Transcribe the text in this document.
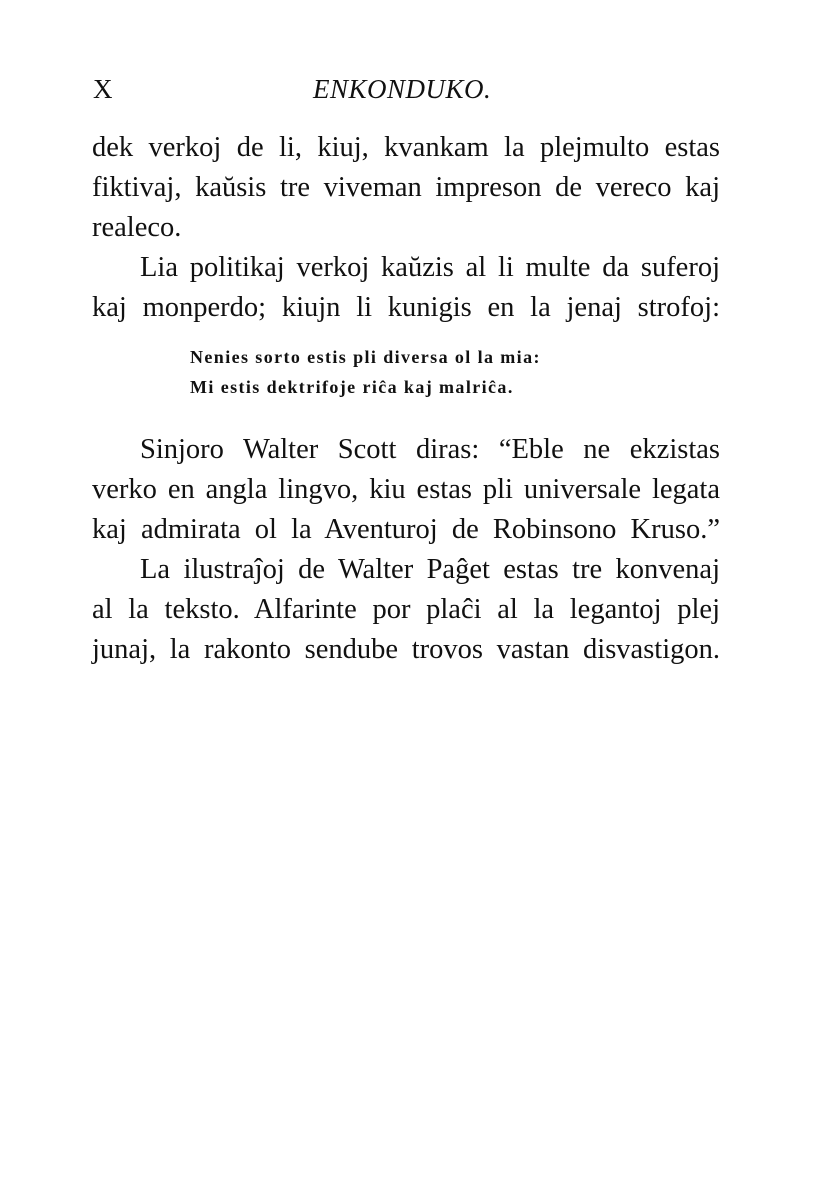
X	ENKONDUKO.
dek verkoj de li, kiuj, kvankam la plejmulto estas
fiktivaj, kaŭsis tre viveman impreson de vereco kaj
realeco.
Lia politikaj verkoj kaŭzis al li multe da suferoj
kaj monperdo; kiujn li kunigis en la jenaj strofoj:
Nenies sorto estis pli diversa ol la mia:
Mi estis dektrifoje riĉa kaj malriĉa.
Sinjoro Walter Scott diras: “Eble ne ekzistas
verko en angla lingvo, kiu estas pli universale legata
kaj admirata ol la Aventuroj de Robinsono Kruso.”
La ilustraĵoj de Walter Paĝet estas tre konvenaj
al la teksto. Alfarinte por plaĉi al la legantoj plej
junaj, la rakonto sendube trovos vastan disvastigon.
